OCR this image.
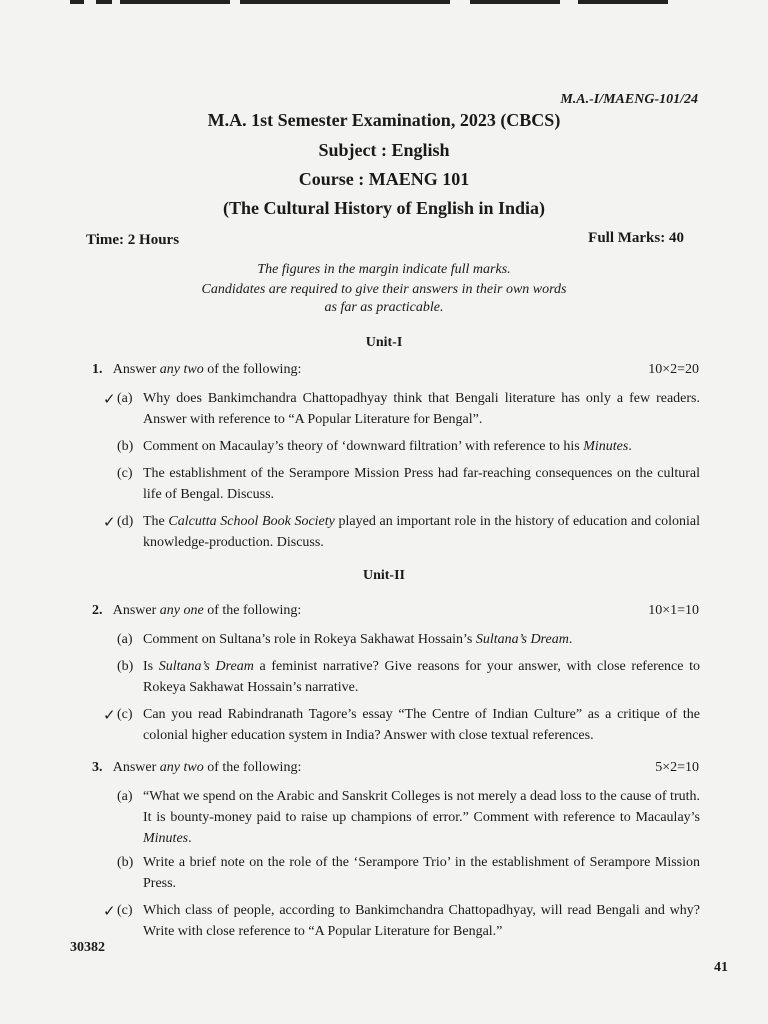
M.A.-I/MAENG-101/24
M.A. 1st Semester Examination, 2023 (CBCS)
Subject : English
Course : MAENG 101
(The Cultural History of English in India)
Time: 2 Hours	Full Marks: 40
The figures in the margin indicate full marks.
Candidates are required to give their answers in their own words
as far as practicable.
Unit-I
1. Answer any two of the following:	10×2=20
✓ (a) Why does Bankimchandra Chattopadhyay think that Bengali literature has only a few readers. Answer with reference to “A Popular Literature for Bengal”.
(b) Comment on Macaulay’s theory of ‘downward filtration’ with reference to his Minutes.
(c) The establishment of the Serampore Mission Press had far-reaching consequences on the cultural life of Bengal. Discuss.
✓ (d) The Calcutta School Book Society played an important role in the history of education and colonial knowledge-production. Discuss.
Unit-II
2. Answer any one of the following:	10×1=10
(a) Comment on Sultana’s role in Rokeya Sakhawat Hossain’s Sultana’s Dream.
(b) Is Sultana’s Dream a feminist narrative? Give reasons for your answer, with close reference to Rokeya Sakhawat Hossain’s narrative.
✓ (c) Can you read Rabindranath Tagore’s essay “The Centre of Indian Culture” as a critique of the colonial higher education system in India? Answer with close textual references.
3. Answer any two of the following:	5×2=10
(a) “What we spend on the Arabic and Sanskrit Colleges is not merely a dead loss to the cause of truth. It is bounty-money paid to raise up champions of error.” Comment with reference to Macaulay’s Minutes.
(b) Write a brief note on the role of the ‘Serampore Trio’ in the establishment of Serampore Mission Press.
✓ (c) Which class of people, according to Bankimchandra Chattopadhyay, will read Bengali and why? Write with close reference to “A Popular Literature for Bengal.”
30382
41
